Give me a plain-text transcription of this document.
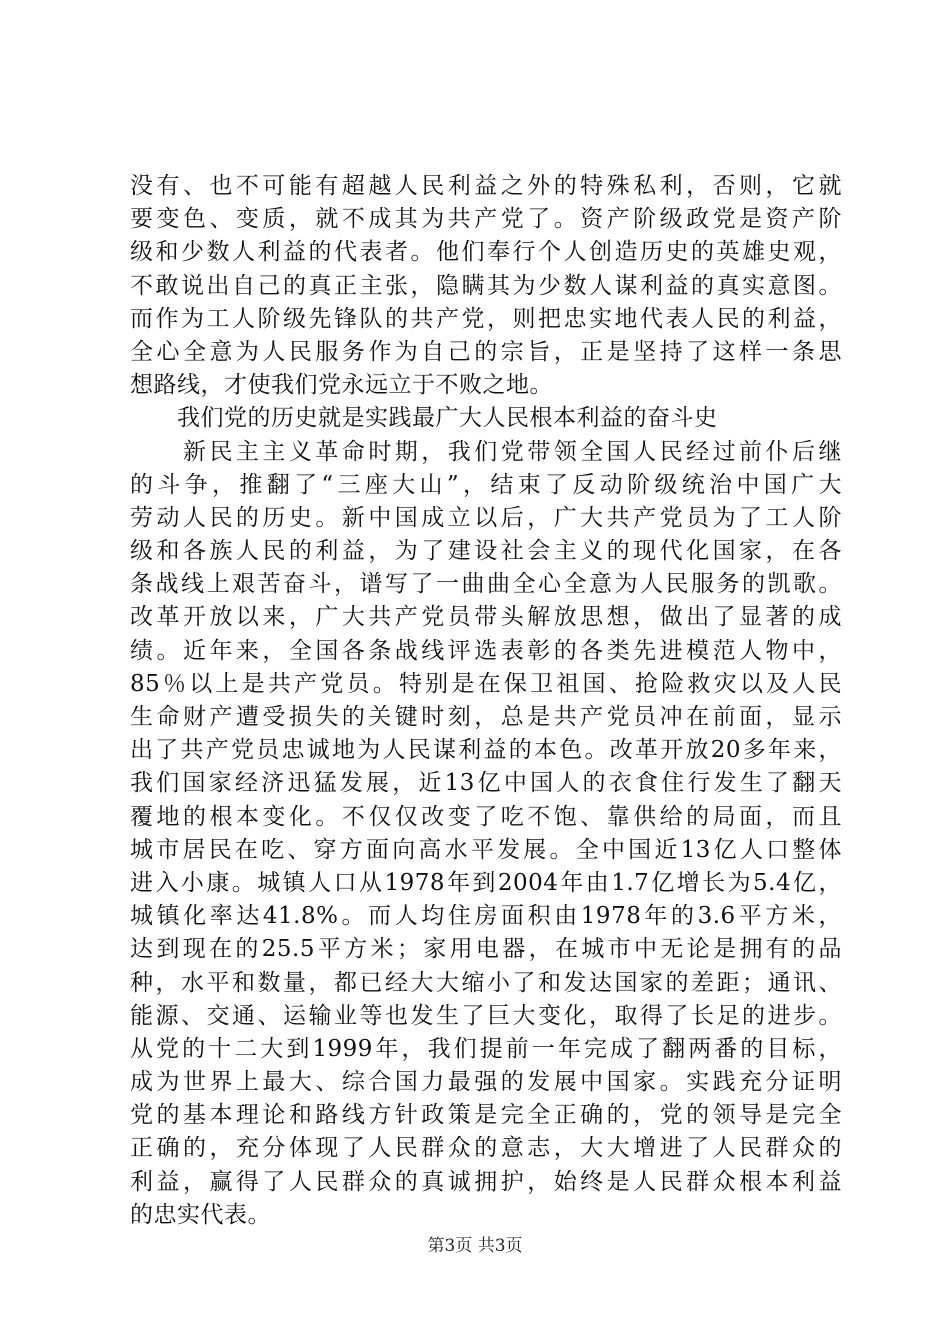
没有、也不可能有超越人民利益之外的特殊私利，否则，它就
要变色、变质，就不成其为共产党了。资产阶级政党是资产阶
级和少数人利益的代表者。他们奉行个人创造历史的英雄史观，
不敢说出自己的真正主张，隐瞒其为少数人谋利益的真实意图。
而作为工人阶级先锋队的共产党，则把忠实地代表人民的利益，
全心全意为人民服务作为自己的宗旨，正是坚持了这样一条思
想路线，才使我们党永远立于不败之地。
　　我们党的历史就是实践最广大人民根本利益的奋斗史
　　新民主主义革命时期，我们党带领全国人民经过前仆后继
的斗争，推翻了“三座大山”，结束了反动阶级统治中国广大
劳动人民的历史。新中国成立以后，广大共产党员为了工人阶
级和各族人民的利益，为了建设社会主义的现代化国家，在各
条战线上艰苦奋斗，谱写了一曲曲全心全意为人民服务的凯歌。
改革开放以来，广大共产党员带头解放思想，做出了显著的成
绩。近年来，全国各条战线评选表彰的各类先进模范人物中，
85％以上是共产党员。特别是在保卫祖国、抢险救灾以及人民
生命财产遭受损失的关键时刻，总是共产党员冲在前面，显示
出了共产党员忠诚地为人民谋利益的本色。改革开放20多年来，
我们国家经济迅猛发展，近13亿中国人的衣食住行发生了翻天
覆地的根本变化。不仅仅改变了吃不饱、靠供给的局面，而且
城市居民在吃、穿方面向高水平发展。全中国近13亿人口整体
进入小康。城镇人口从1978年到2004年由1.7亿增长为5.4亿，
城镇化率达41.8%。而人均住房面积由1978年的3.6平方米，
达到现在的25.5平方米；家用电器，在城市中无论是拥有的品
种，水平和数量，都已经大大缩小了和发达国家的差距；通讯、
能源、交通、运输业等也发生了巨大变化，取得了长足的进步。
从党的十二大到1999年，我们提前一年完成了翻两番的目标，
成为世界上最大、综合国力最强的发展中国家。实践充分证明
党的基本理论和路线方针政策是完全正确的，党的领导是完全
正确的，充分体现了人民群众的意志，大大增进了人民群众的
利益，赢得了人民群众的真诚拥护，始终是人民群众根本利益
的忠实代表。
第3页 共3页
